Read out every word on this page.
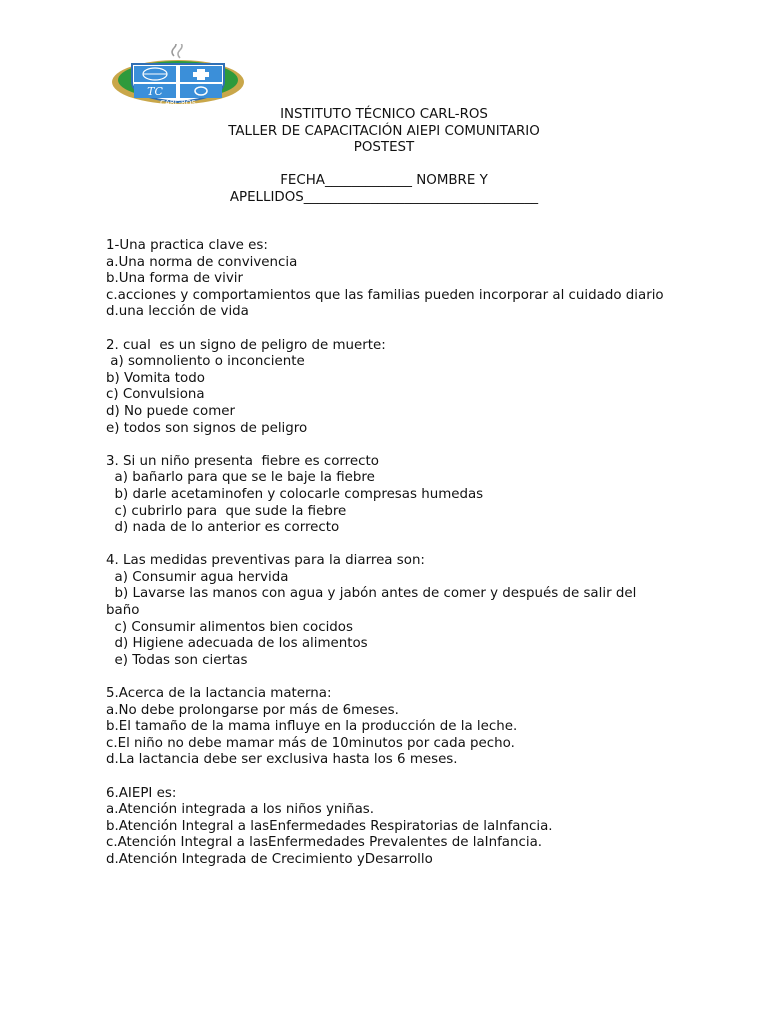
TC
CARL-ROS
INSTITUTO TÉCNICO CARL-ROS
TALLER DE CAPACITACIÓN AIEPI COMUNITARIO
POSTEST
FECHA_____________ NOMBRE Y
APELLIDOS___________________________________
1-Una practica clave es:
a.Una norma de convivencia
b.Una forma de vivir
c.acciones y comportamientos que las familias pueden incorporar al cuidado diario
d.una lección de vida
2. cual  es un signo de peligro de muerte:
a) somnoliento o inconciente
b) Vomita todo
c) Convulsiona
d) No puede comer
e) todos son signos de peligro
3. Si un niño presenta  fiebre es correcto
a) bañarlo para que se le baje la fiebre
b) darle acetaminofen y colocarle compresas humedas
c) cubrirlo para  que sude la fiebre
d) nada de lo anterior es correcto
4. Las medidas preventivas para la diarrea son:
a) Consumir agua hervida
b) Lavarse las manos con agua y jabón antes de comer y después de salir del baño
c) Consumir alimentos bien cocidos
d) Higiene adecuada de los alimentos
e) Todas son ciertas
5.Acerca de la lactancia materna:
a.No debe prolongarse por más de 6meses.
b.El tamaño de la mama influye en la producción de la leche.
c.El niño no debe mamar más de 10minutos por cada pecho.
d.La lactancia debe ser exclusiva hasta los 6 meses.
6.AIEPI es:
a.Atención integrada a los niños yniñas.
b.Atención Integral a lasEnfermedades Respiratorias de laInfancia.
c.Atención Integral a lasEnfermedades Prevalentes de laInfancia.
d.Atención Integrada de Crecimiento yDesarrollo
